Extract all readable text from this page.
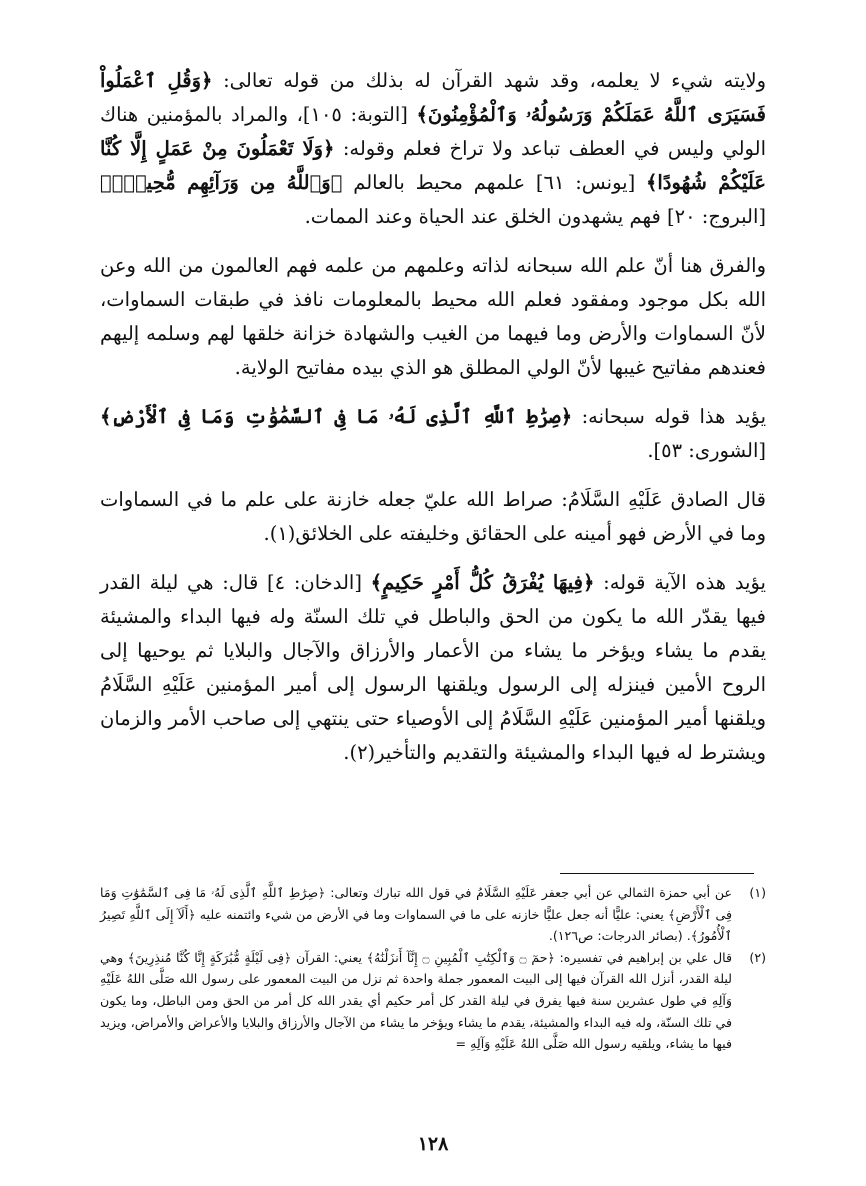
ولايته شيء لا يعلمه، وقد شهد القرآن له بذلك من قوله تعالى: ﴿وَقُلِ ٱعْمَلُواْ فَسَيَرَى ٱللَّهُ عَمَلَكُمْ وَرَسُولُهُۥ وَٱلْمُؤْمِنُونَ﴾ [التوبة: ١٠٥]، والمراد بالمؤمنين هناك الولي وليس في العطف تباعد ولا تراخ فعلم وقوله: ﴿وَلَا تَعْمَلُونَ مِنْ عَمَلٍ إِلَّا كُنَّا عَلَيْكُمْ شُهُودًا﴾ [يونس: ٦١] علمهم محيط بالعالم ﴿وَٱللَّهُ مِن وَرَآئِهِم مُّحِيطٌۢ﴾ [البروج: ٢٠] فهم يشهدون الخلق عند الحياة وعند الممات.

والفرق هنا أنّ علم الله سبحانه لذاته وعلمهم من علمه فهم العالمون من الله وعن الله بكل موجود ومفقود فعلم الله محيط بالمعلومات نافذ في طبقات السماوات، لأنّ السماوات والأرض وما فيهما من الغيب والشهادة خزانة خلقها لهم وسلمه إليهم فعندهم مفاتيح غيبها لأنّ الولي المطلق هو الذي بيده مفاتيح الولاية.

يؤيد هذا قوله سبحانه: ﴿صِرَٰطِ ٱللَّهِ ٱلَّذِى لَهُۥ مَا فِى ٱلسَّمَٰوَٰتِ وَمَا فِى ٱلْأَرْضِ﴾ [الشورى: ٥٣].

قال الصادق عَلَيْهِ السَّلَامُ: صراط الله عليّ جعله خازنة على علم ما في السماوات وما في الأرض فهو أمينه على الحقائق وخليفته على الخلائق(١).

يؤيد هذه الآية قوله: ﴿فِيهَا يُفْرَقُ كُلُّ أَمْرٍ حَكِيمٍ﴾ [الدخان: ٤] قال: هي ليلة القدر فيها يقدّر الله ما يكون من الحق والباطل في تلك السنّة وله فيها البداء والمشيئة يقدم ما يشاء ويؤخر ما يشاء من الأعمار والأرزاق والآجال والبلايا ثم يوحيها إلى الروح الأمين فينزله إلى الرسول ويلقنها الرسول إلى أمير المؤمنين عَلَيْهِ السَّلَامُ ويلقنها أمير المؤمنين عَلَيْهِ السَّلَامُ إلى الأوصياء حتى ينتهي إلى صاحب الأمر والزمان ويشترط له فيها البداء والمشيئة والتقديم والتأخير(٢).

(١)
عن أبي حمزة الثمالي عن أبي جعفر عَلَيْهِ السَّلَامُ في قول الله تبارك وتعالى: ﴿صِرَٰطِ ٱللَّهِ ٱلَّذِى لَهُۥ مَا فِى ٱلسَّمَٰوَٰتِ وَمَا فِى ٱلْأَرْضِ﴾ يعني: عليًّا أنه جعل عليًّا خازنه على ما في السماوات وما في الأرض من شيء وائتمنه عليه ﴿أَلَآ إِلَى ٱللَّهِ تَصِيرُ ٱلْأُمُورُ﴾. (بصائر الدرجات: ص١٢٦).
(٢)
قال علي بن إبراهيم في تفسيره: ﴿حمٓ ۝ وَٱلْكِتَٰبِ ٱلْمُبِينِ ۝ إِنَّآ أَنزَلْنَٰهُ﴾ يعني: القرآن ﴿فِى لَيْلَةٍ مُّبَٰرَكَةٍ إِنَّا كُنَّا مُنذِرِينَ﴾ وهي ليلة القدر، أنزل الله القرآن فيها إلى البيت المعمور جملة واحدة ثم نزل من البيت المعمور على رسول الله صَلَّى اللهُ عَلَيْهِ وَآلِهِ في طول عشرين سنة فيها يفرق في ليلة القدر كل أمر حكيم أي يقدر الله كل أمر من الحق ومن الباطل، وما يكون في تلك السنّة، وله فيه البداء والمشيئة، يقدم ما يشاء ويؤخر ما يشاء من الآجال والأرزاق والبلايا والأعراض والأمراض، ويزيد فيها ما يشاء، ويلقيه رسول الله صَلَّى اللهُ عَلَيْهِ وَآلِهِ =
١٢٨
